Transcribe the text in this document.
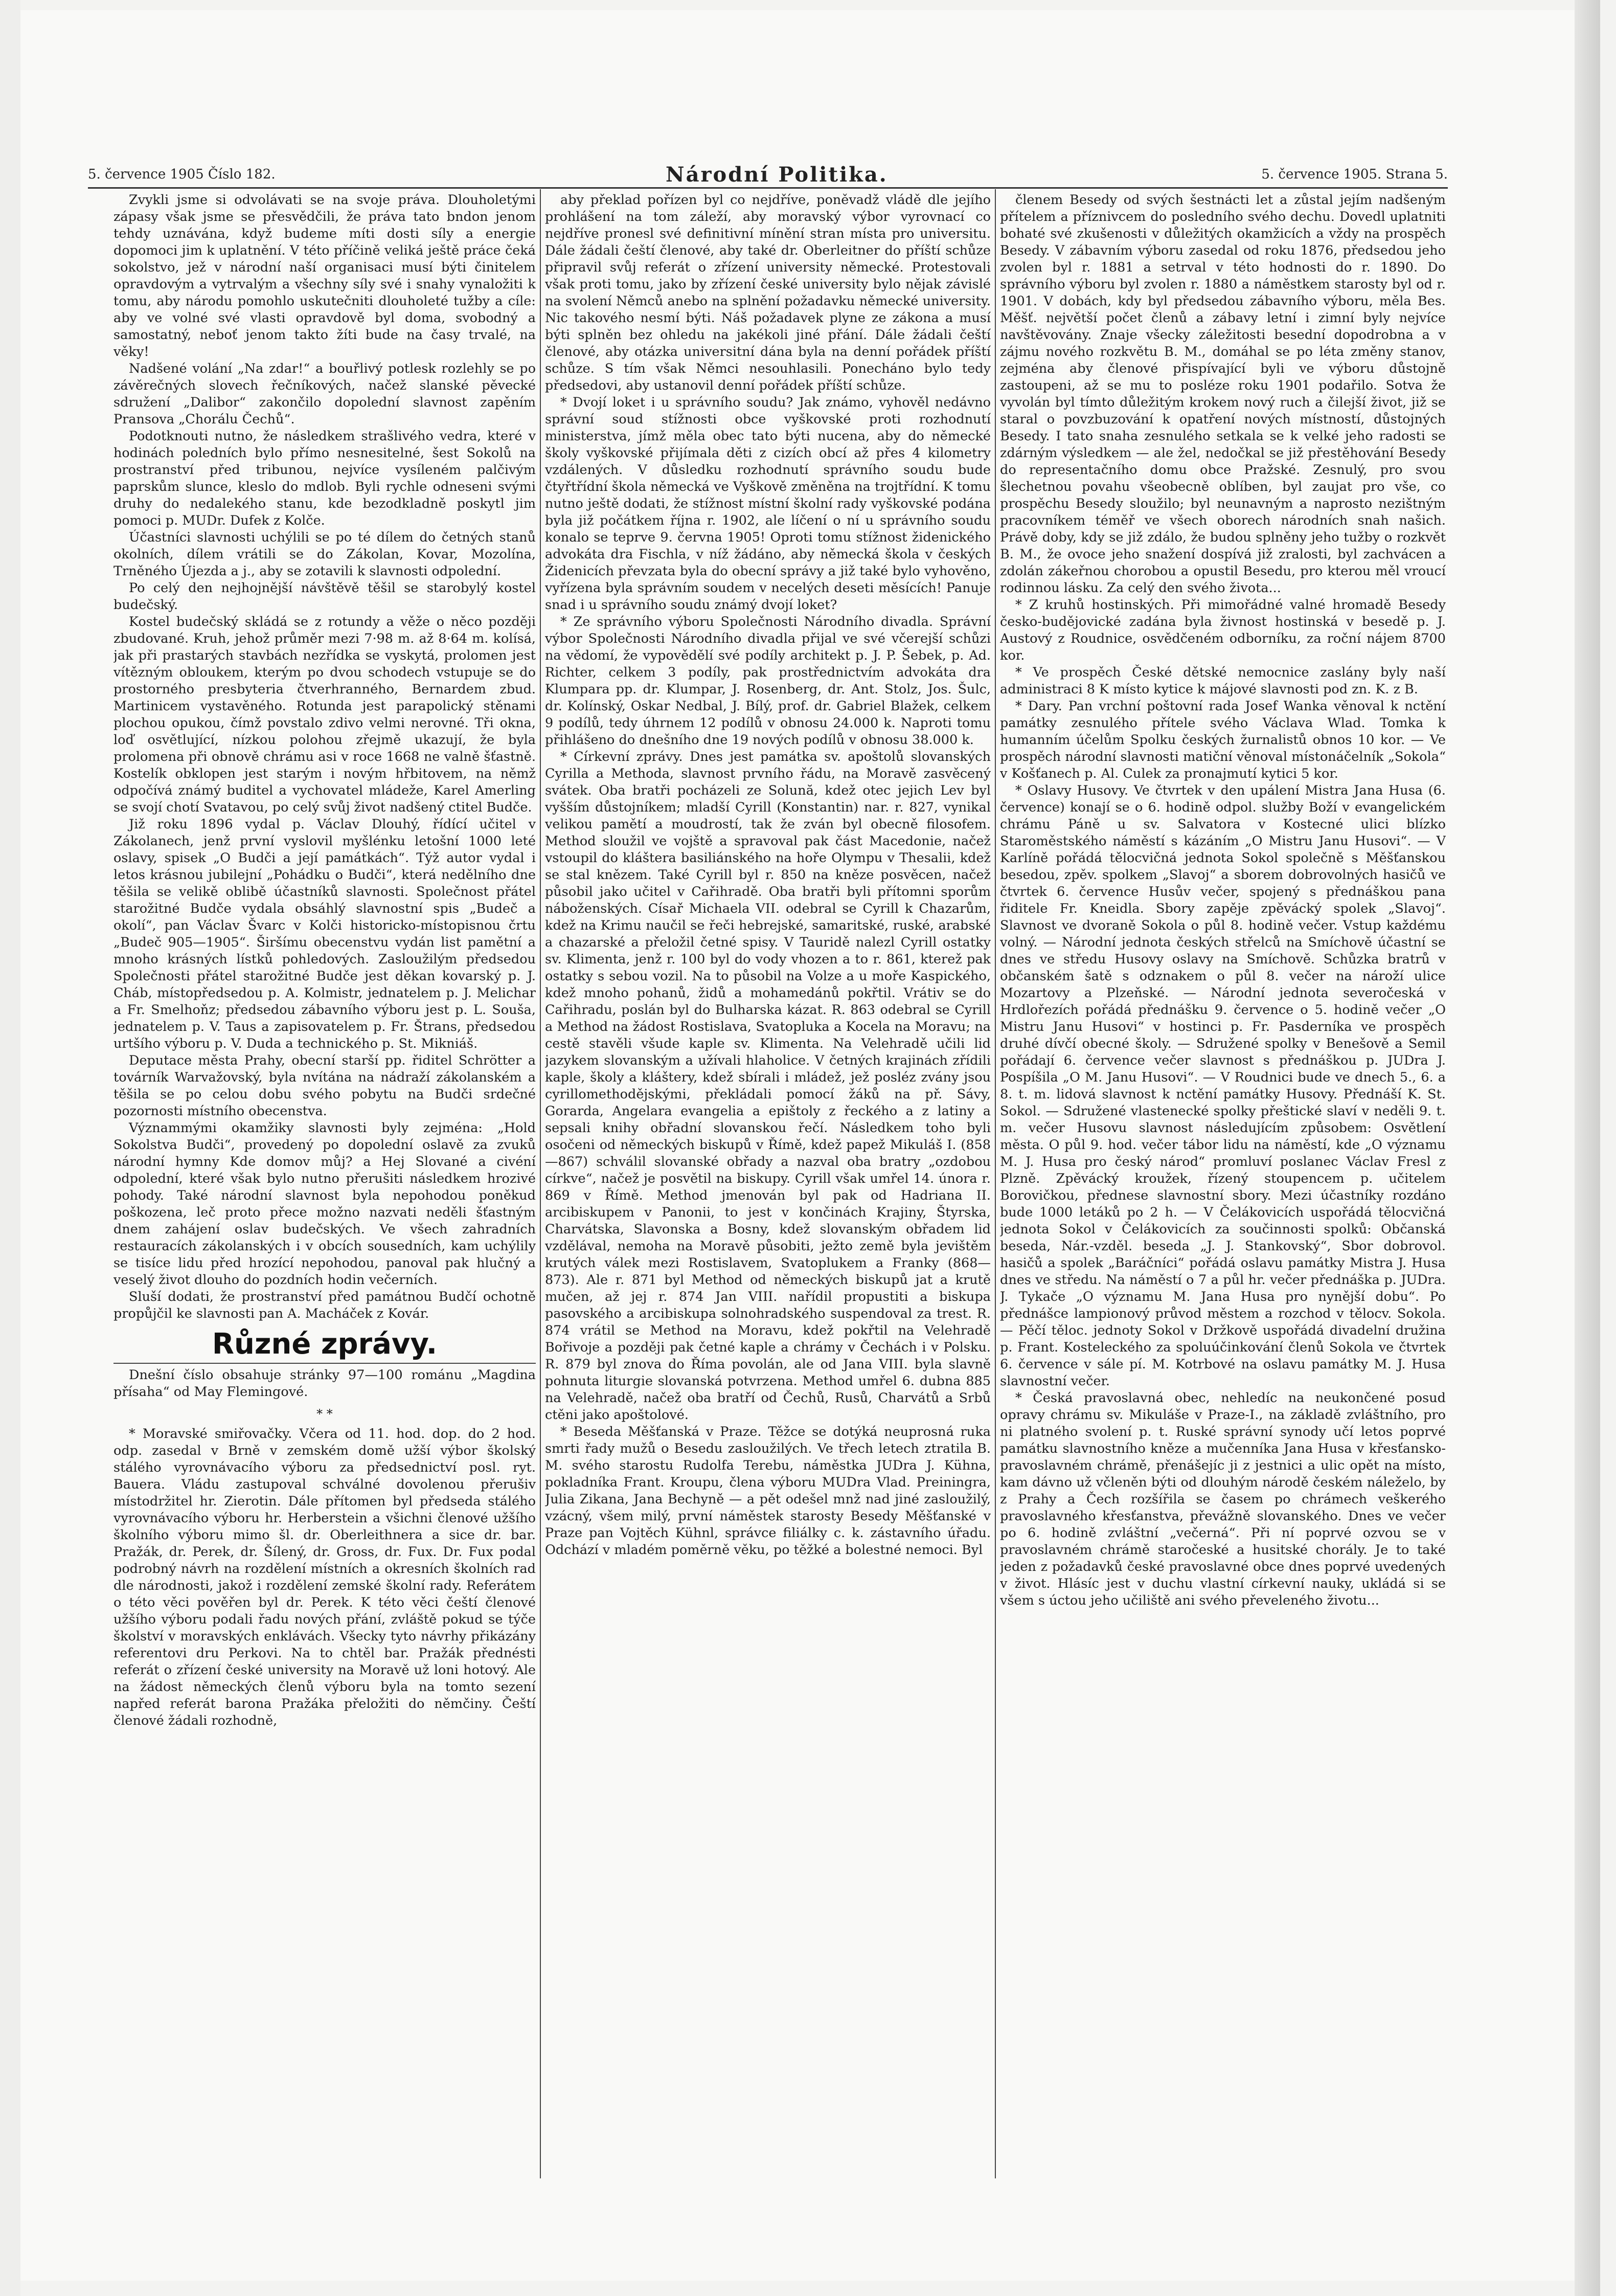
5. července 1905 Číslo 182.	Národní Politika.	5. července 1905. Strana 5.

Zvykli jsme si odvolávati se na svoje práva. Dlouholetými zápasy však jsme se přesvědčili, že práva tato bndon jenom tehdy uznávána, když budeme míti dosti síly a energie dopomoci jim k uplatnění. V této příčině veliká ještě práce čeká sokolstvo, jež v národní naší organisaci musí býti činitelem opravdovým a vytrvalým a všechny síly své i snahy vynaložiti k tomu, aby národu pomohlo uskutečniti dlouholeté tužby a cíle: aby ve volné své vlasti opravdově byl doma, svobodný a samostatný, neboť jenom takto žíti bude na časy trvalé, na věky!

Nadšené volání „Na zdar!“ a bouřlivý potlesk rozlehly se po závěrečných slovech řečníkových, načež slanské pěvecké sdružení „Dalibor“ zakončilo dopolední slavnost zapěním Pransova „Chorálu Čechů“.

Podotknouti nutno, že následkem strašlivého vedra, které v hodinách poledních bylo přímo nesnesitelné, šest Sokolů na prostranství před tribunou, nejvíce vysíleném palčivým paprskům slunce, kleslo do mdlob. Byli rychle odneseni svými druhy do nedalekého stanu, kde bezodkladně poskytl jim pomoci p. MUDr. Dufek z Kolče.

Účastníci slavnosti uchýlili se po té dílem do četných stanů okolních, dílem vrátili se do Zákolan, Kovar, Mozolína, Trněného Újezda a j., aby se zotavili k slavnosti odpolední.

Po celý den nejhojnější návštěvě těšil se starobylý kostel budečský.

Kostel budečský skládá se z rotundy a věže o něco později zbudované. Kruh, jehož průměr mezi 7·98 m. až 8·64 m. kolísá, jak při prastarých stavbách nezřídka se vyskytá, prolomen jest vítězným obloukem, kterým po dvou schodech vstupuje se do prostorného presbyteria čtverhranného, Bernardem zbud. Martinicem vystavěného. Rotunda jest parapolický stěnami plochou opukou, čímž povstalo zdivo velmi nerovné. Tři okna, loď osvětlující, nízkou polohou zřejmě ukazují, že byla prolomena při obnově chrámu asi v roce 1668 ne valně šťastně. Kostelík obklopen jest starým i novým hřbitovem, na němž odpočívá známý buditel a vychovatel mládeže, Karel Amerling se svojí chotí Svatavou, po celý svůj život nadšený ctitel Budče.

Již roku 1896 vydal p. Václav Dlouhý, řídící učitel v Zákolanech, jenž první vyslovil myšlénku letošní 1000 leté oslavy, spisek „O Budči a její památkách“. Týž autor vydal i letos krásnou jubilejní „Pohádku o Budči“, která nedělního dne těšila se velikě oblibě účastníků slavnosti. Společnost přátel starožitné Budče vydala obsáhlý slavnostní spis „Budeč a okolí“, pan Václav Švarc v Kolči historicko-místopisnou črtu „Budeč 905—1905“. Širšímu obecenstvu vydán list pamětní a mnoho krásných lístků pohledových. Zasloužilým předsedou Společnosti přátel starožitné Budče jest děkan kovarský p. J. Cháb, místopředsedou p. A. Kolmistr, jednatelem p. J. Melichar a Fr. Smelhoňz; předsedou zábavního výboru jest p. L. Souša, jednatelem p. V. Taus a zapisovatelem p. Fr. Štrans, předsedou urtšího výboru p. V. Duda a technického p. St. Mikniáš.

Deputace města Prahy, obecní starší pp. řiditel Schrötter a továrník Warvažovský, byla nvítána na nádraží zákolanském a těšila se po celou dobu svého pobytu na Budči srdečné pozornosti místního obecenstva.

Význammými okamžiky slavnosti byly zejména: „Hold Sokolstva Budči“, provedený po dopolední oslavě za zvuků národní hymny Kde domov můj? a Hej Slované a civéní odpolední, které však bylo nutno přerušiti následkem hrozivé pohody. Také národní slavnost byla nepohodou poněkud poškozena, leč proto přece možno nazvati neděli šťastným dnem zahájení oslav budečských. Ve všech zahradních restauracích zákolanských i v obcích sousedních, kam uchýlily se tisíce lidu před hrozící nepohodou, panoval pak hlučný a veselý život dlouho do pozdních hodin večerních.

Sluší dodati, že prostranství před památnou Budčí ochotně propůjčil ke slavnosti pan A. Macháček z Kovár.

Různé zprávy.

Dnešní číslo obsahuje stránky 97—100 románu „Magdina přísaha“ od May Flemingové.

* *

* Moravské smiřovačky. Včera od 11. hod. dop. do 2 hod. odp. zasedal v Brně v zemském domě užší výbor školský stálého vyrovnávacího výboru za předsednictví posl. ryt. Bauera. Vládu zastupoval schválné dovolenou přerušiv místodržitel hr. Zierotin. Dále přítomen byl předseda stálého vyrovnávacího výboru hr. Herberstein a všichni členové užšího školního výboru mimo šl. dr. Oberleithnera a sice dr. bar. Pražák, dr. Perek, dr. Šílený, dr. Gross, dr. Fux. Dr. Fux podal podrobný návrh na rozdělení místních a okresních školních rad dle národnosti, jakož i rozdělení zemské školní rady. Referátem o této věci pověřen byl dr. Perek. K této věci čeští členové užšího výboru podali řadu nových přání, zvláště pokud se týče školství v moravských enklávách. Všecky tyto návrhy přikázány referentovi dru Perkovi. Na to chtěl bar. Pražák přednésti referát o zřízení české university na Moravě už loni hotový. Ale na žádost německých členů výboru byla na tomto sezení napřed referát barona Pražáka přeložiti do němčiny. Čeští členové žádali rozhodně,

aby překlad pořízen byl co nejdříve, poněvadž vládě dle jejího prohlášení na tom záleží, aby moravský výbor vyrovnací co nejdříve pronesl své definitivní mínění stran místa pro universitu. Dále žádali čeští členové, aby také dr. Oberleitner do příští schůze připravil svůj referát o zřízení university německé. Protestovali však proti tomu, jako by zřízení české university bylo nějak závislé na svolení Němců anebo na splnění požadavku německé university. Nic takového nesmí býti. Náš požadavek plyne ze zákona a musí býti splněn bez ohledu na jakékoli jiné přání. Dále žádali čeští členové, aby otázka universitní dána byla na denní pořádek příští schůze. S tím však Němci nesouhlasili. Ponecháno bylo tedy předsedovi, aby ustanovil denní pořádek příští schůze.

* Dvojí loket i u správního soudu? Jak známo, vyhověl nedávno správní soud stížnosti obce vyškovské proti rozhodnutí ministerstva, jímž měla obec tato býti nucena, aby do německé školy vyškovské přijímala děti z cizích obcí až přes 4 kilometry vzdálených. V důsledku rozhodnutí správního soudu bude čtyřtřídní škola německá ve Vyškově změněna na trojtřídní. K tomu nutno ještě dodati, že stížnost místní školní rady vyškovské podána byla již počátkem října r. 1902, ale líčení o ní u správního soudu konalo se teprve 9. června 1905! Oproti tomu stížnost židenického advokáta dra Fischla, v níž žádáno, aby německá škola v českých Židenicích převzata byla do obecní správy a již také bylo vyhověno, vyřízena byla správním soudem v necelých deseti měsících! Panuje snad i u správního soudu známý dvojí loket?

* Ze správního výboru Společnosti Národního divadla. Správní výbor Společnosti Národního divadla přijal ve své včerejší schůzi na vědomí, že vypovědělí své podíly architekt p. J. P. Šebek, p. Ad. Richter, celkem 3 podíly, pak prostřednictvím advokáta dra Klumpara pp. dr. Klumpar, J. Rosenberg, dr. Ant. Stolz, Jos. Šulc, dr. Kolínský, Oskar Nedbal, J. Bílý, prof. dr. Gabriel Blažek, celkem 9 podílů, tedy úhrnem 12 podílů v obnosu 24.000 k. Naproti tomu přihlášeno do dnešního dne 19 nových podílů v obnosu 38.000 k.

* Církevní zprávy. Dnes jest památka sv. apoštolů slovanských Cyrilla a Methoda, slavnost prvního řádu, na Moravě zasvěcený svátek. Oba bratři pocházeli ze Solună, kdež otec jejich Lev byl vyšším důstojníkem; mladší Cyrill (Konstantin) nar. r. 827, vynikal velikou pamětí a moudrostí, tak že zván byl obecně filosofem. Method sloužil ve vojště a spravoval pak část Macedonie, načež vstoupil do kláštera basiliánského na hoře Olympu v Thesalii, kdež se stal knězem. Také Cyrill byl r. 850 na kněze posvěcen, načež působil jako učitel v Cařihradě. Oba bratři byli přítomni sporům náboženských. Císař Michaela VII. odebral se Cyrill k Chazarům, kdež na Krimu naučil se řeči hebrejské, samaritské, ruské, arabské a chazarské a přeložil četné spisy. V Tauridě nalezl Cyrill ostatky sv. Klimenta, jenž r. 100 byl do vody vhozen a to r. 861, kterež pak ostatky s sebou vozil. Na to působil na Volze a u moře Kaspického, kdež mnoho pohanů, židů a mohamedánů pokřtil. Vrátiv se do Cařihradu, poslán byl do Bulharska kázat. R. 863 odebral se Cyrill a Method na žádost Rostislava, Svatopluka a Kocela na Moravu; na cestě stavěli všude kaple sv. Klimenta. Na Velehradě učili lid jazykem slovanským a užívali hlaholice. V četných krajinách zřídili kaple, školy a kláštery, kdež sbírali i mládež, jež posléz zvány jsou cyrillomethodějskými, překládali pomocí žáků na př. Sávy, Gorarda, Angelara evangelia a epištoly z řeckého a z latiny a sepsali knihy obřadní slovanskou řečí. Následkem toho byli osočeni od německých biskupů v Římě, kdež papež Mikuláš I. (858—867) schválil slovanské obřady a nazval oba bratry „ozdobou církve“, načež je posvětil na biskupy. Cyrill však umřel 14. února r. 869 v Římě. Method jmenován byl pak od Hadriana II. arcibiskupem v Panonii, to jest v končinách Krajiny, Štyrska, Charvátska, Slavonska a Bosny, kdež slovanským obřadem lid vzdělával, nemoha na Moravě působiti, ježto země byla jevištěm krutých válek mezi Rostislavem, Svatoplukem a Franky (868—873). Ale r. 871 byl Method od německých biskupů jat a krutě mučen, až jej r. 874 Jan VIII. nařídil propustiti a biskupa pasovského a arcibiskupa solnohradského suspendoval za trest. R. 874 vrátil se Method na Moravu, kdež pokřtil na Velehradě Bořivoje a později pak četné kaple a chrámy v Čechách i v Polsku. R. 879 byl znova do Říma povolán, ale od Jana VIII. byla slavně pohnuta liturgie slovanská potvrzena. Method umřel 6. dubna 885 na Velehradě, načež oba bratří od Čechů, Rusů, Charvátů a Srbů ctěni jako apoštolové.

* Beseda Měšťanská v Praze. Těžce se dotýká neuprosná ruka smrti řady mužů o Besedu zasloužilých. Ve třech letech ztratila B. M. svého starostu Rudolfa Terebu, náměstka JUDra J. Kühna, pokladníka Frant. Kroupu, člena výboru MUDra Vlad. Preiningra, Julia Zikana, Jana Bechyně — a pět odešel mnž nad jiné zasloužilý, vzácný, všem milý, první náměstek starosty Besedy Měšťanské v Praze pan Vojtěch Kühnl, správce filiálky c. k. zástavního úřadu. Odchází v mladém poměrně věku, po těžké a bolestné nemoci. Byl

členem Besedy od svých šestnácti let a zůstal jejím nadšeným přítelem a příznivcem do posledního svého dechu. Dovedl uplatniti bohaté své zkušenosti v důležitých okamžicích a vždy na prospěch Besedy. V zábavním výboru zasedal od roku 1876, předsedou jeho zvolen byl r. 1881 a setrval v této hodnosti do r. 1890. Do správního výboru byl zvolen r. 1880 a náměstkem starosty byl od r. 1901. V dobách, kdy byl předsedou zábavního výboru, měla Bes. Měšť. největší počet členů a zábavy letní i zimní byly nejvíce navštěvovány. Znaje všecky záležitosti besední dopodrobna a v zájmu nového rozkvětu B. M., domáhal se po léta změny stanov, zejména aby členové přispívající byli ve výboru důstojně zastoupeni, až se mu to posléze roku 1901 podařilo. Sotva že vyvolán byl tímto důležitým krokem nový ruch a čilejší život, již se staral o povzbuzování k opatření nových místností, důstojných Besedy. I tato snaha zesnulého setkala se k velké jeho radosti se zdárným výsledkem — ale žel, nedočkal se již přestěhování Besedy do representačního domu obce Pražské. Zesnulý, pro svou šlechetnou povahu všeobecně oblíben, byl zaujat pro vše, co prospěchu Besedy sloužilo; byl neunavným a naprosto nezištným pracovníkem téměř ve všech oborech národních snah našich. Právě doby, kdy se již zdálo, že budou splněny jeho tužby o rozkvět B. M., že ovoce jeho snažení dospívá již zralosti, byl zachvácen a zdolán zákeřnou chorobou a opustil Besedu, pro kterou měl vroucí rodinnou lásku. Za celý den svého života...

* Z kruhů hostinských. Při mimořádné valné hromadě Besedy česko-budějovické zadána byla živnost hostinská v besedě p. J. Austový z Roudnice, osvědčeném odborníku, za roční nájem 8700 kor.

* Ve prospěch České dětské nemocnice zaslány byly naší administraci 8 K místo kytice k májové slavnosti pod zn. K. z B.

* Dary. Pan vrchní poštovní rada Josef Wanka věnoval k nctění památky zesnulého přítele svého Václava Wlad. Tomka k humanním účelům Spolku českých žurnalistů obnos 10 kor. — Ve prospěch národní slavnosti matiční věnoval místonáčelník „Sokola“ v Košťanech p. Al. Culek za pronajmutí kytici 5 kor.

* Oslavy Husovy. Ve čtvrtek v den upálení Mistra Jana Husa (6. července) konají se o 6. hodině odpol. služby Boží v evangelickém chrámu Páně u sv. Salvatora v Kostecné ulici blízko Staroměstského náměstí s kázáním „O Mistru Janu Husovi“. — V Karlíně pořádá tělocvičná jednota Sokol společně s Měšťanskou besedou, zpěv. spolkem „Slavoj“ a sborem dobrovolných hasičů ve čtvrtek 6. července Husův večer, spojený s přednáškou pana řiditele Fr. Kneidla. Sbory zapěje zpěvácký spolek „Slavoj“. Slavnost ve dvoraně Sokola o půl 8. hodině večer. Vstup každému volný. — Národní jednota českých střelců na Smíchově účastní se dnes ve středu Husovy oslavy na Smíchově. Schůzka bratrů v občanském šatě s odznakem o půl 8. večer na nároží ulice Mozartovy a Plzeňské. — Národní jednota severočeská v Hrdlořezích pořádá přednášku 9. července o 5. hodině večer „O Mistru Janu Husovi“ v hostinci p. Fr. Pasderníka ve prospěch druhé dívčí obecné školy. — Sdružené spolky v Benešově a Semil pořádají 6. července večer slavnost s přednáškou p. JUDra J. Pospíšila „O M. Janu Husovi“. — V Roudnici bude ve dnech 5., 6. a 8. t. m. lidová slavnost k nctění památky Husovy. Přednáší K. St. Sokol. — Sdružené vlastenecké spolky přeštické slaví v neděli 9. t. m. večer Husovu slavnost následujícím způsobem: Osvětlení města. O půl 9. hod. večer tábor lidu na náměstí, kde „O významu M. J. Husa pro český národ“ promluví poslanec Václav Fresl z Plzně. Zpěvácký kroužek, řízený stoupencem p. učitelem Borovičkou, přednese slavnostní sbory. Mezi účastníky rozdáno bude 1000 letáků po 2 h. — V Čelákovicích uspořádá tělocvičná jednota Sokol v Čelákovicích za součinnosti spolků: Občanská beseda, Nár.-vzděl. beseda „J. J. Stankovský“, Sbor dobrovol. hasičů a spolek „Baráčníci“ pořádá oslavu památky Mistra J. Husa dnes ve středu. Na náměstí o 7 a půl hr. večer přednáška p. JUDra. J. Tykače „O významu M. Jana Husa pro nynější dobu“. Po přednášce lampionový průvod městem a rozchod v tělocv. Sokola. — Pěčí těloc. jednoty Sokol v Držkově uspořádá divadelní družina p. Frant. Kosteleckého za spoluúčinkování členů Sokola ve čtvrtek 6. července v sále pí. M. Kotrbové na oslavu památky M. J. Husa slavnostní večer.

* Česká pravoslavná obec, nehledíc na neukončené posud opravy chrámu sv. Mikuláše v Praze-I., na základě zvláštního, pro ni platného svolení p. t. Ruské správní synody učí letos poprvé památku slavnostního kněze a mučenníka Jana Husa v křesťansko-pravoslavném chrámě, přenášejíc ji z jestnici a ulic opět na místo, kam dávno už včleněn býti od dlouhým národě českém náleželo, by z Prahy a Čech rozšířila se časem po chrámech veškerého pravoslavného křesťanstva, převážně slovanského. Dnes ve večer po 6. hodině zvláštní „večerná“. Při ní poprvé ozvou se v pravoslavném chrámě staročeské a husitské chorály. Je to také jeden z požadavků české pravoslavné obce dnes poprvé uvedených v život. Hlásíc jest v duchu vlastní církevní nauky, ukládá si se všem s úctou jeho učiliště ani svého převeleného životu...
